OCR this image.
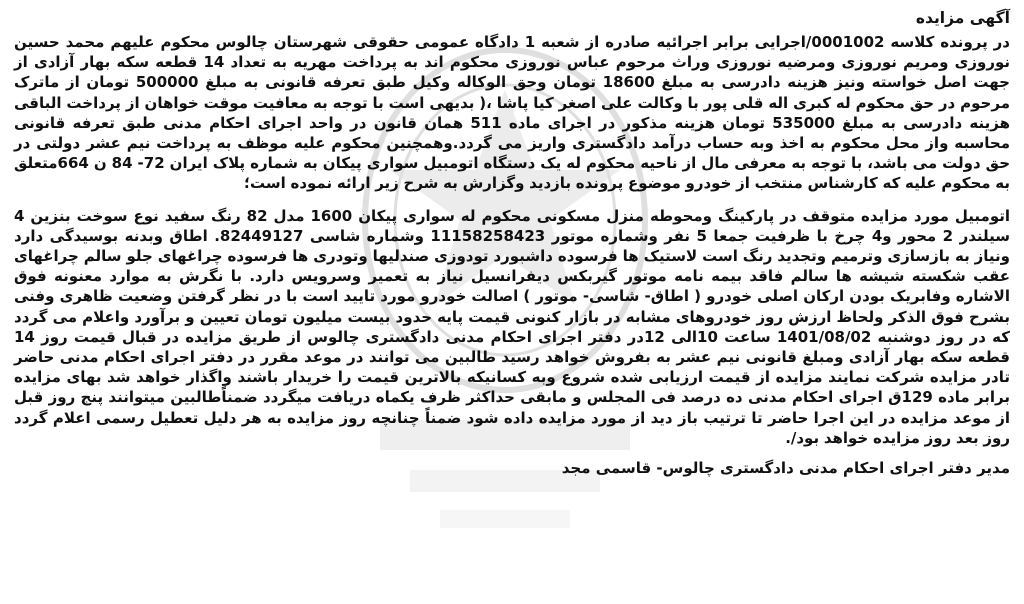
آگهی مزایده

در پرونده کلاسه 0001002/اجرایی برابر اجرائیه صادره از شعبه 1 دادگاه عمومی حقوقی شهرستان چالوس محکوم علیهم محمد حسین نوروزی ومریم نوروزی ومرضیه نوروزی وراث مرحوم عباس نوروزی محکوم اند به پرداخت مهریه به تعداد 14 قطعه سکه بهار آزادی از جهت اصل خواسته ونیز هزینه دادرسی به مبلغ 18600 تومان وحق الوکاله وکیل طبق تعرفه قانونی به مبلغ 500000 تومان از ماترک مرحوم در حق محکوم له کبری اله قلی پور با وکالت علی اصغر کیا پاشا ،( بدیهی است با توجه به معافیت موقت خواهان از پرداخت الباقی هزینه دادرسی به مبلغ 535000 تومان هزینه مذکور در اجرای ماده 511 همان قانون در واحد اجرای احکام مدنی طبق تعرفه قانونی محاسبه واز محل محکوم به اخذ وبه حساب درآمد دادگستری واریز می گردد.وهمچنین محکوم علیه موظف به پرداخت نیم عشر دولتی در حق دولت می باشد، با توجه به معرفی مال از ناحیه محکوم له یک دستگاه اتومبیل سواری پیکان به شماره پلاک ایران 72- 84 ن 664متعلق به محکوم علیه که کارشناس منتخب از خودرو موضوع پرونده بازدید وگزارش به شرح زیر ارائه نموده است؛

اتومبیل مورد مزایده متوقف در پارکینگ ومحوطه منزل مسکونی محکوم له سواری پیکان 1600 مدل 82 رنگ سفید نوع سوخت بنزین 4 سیلندر 2 محور و4 چرخ با ظرفیت جمعا 5 نفر وشماره موتور 11158258423 وشماره شاسی 82449127. اطاق وبدنه بوسیدگی دارد ونیاز به بازسازی وترمیم وتجدید رنگ است لاستیک ها فرسوده داشبورد تودوزی صندلیها وتودری ها فرسوده چراغهای جلو سالم چراغهای عقب شکسته شیشه ها سالم فاقد بیمه نامه موتور گیربکس دیفرانسیل نیاز به تعمیر وسرویس دارد. با نگرش به موارد معنونه فوق الاشاره وفابریک بودن ارکان اصلی خودرو ( اطاق- شاسی- موتور ) اصالت خودرو مورد تایید است با در نظر گرفتن وضعیت ظاهری وفنی بشرح فوق الذکر ولحاظ ارزش روز خودروهای مشابه در بازار کنونی قیمت پایه حدود بیست میلیون تومان تعیین و برآورد واعلام می گردد که در روز دوشنبه 1401/08/02 ساعت 10الی 12در دفتر اجرای احکام مدنی دادگستری چالوس از طریق مزایده در قبال قیمت روز 14 قطعه سکه بهار آزادی ومبلغ قانونی نیم عشر به بفروش خواهد رسید طالبین می توانند در موعد مقرر در دفتر اجرای احکام مدنی حاضر تادر مزایده شرکت نمایند مزایده از قیمت ارزیابی شده شروع وبه کسانیکه بالاترین قیمت را خریدار باشند واگذار خواهد شد بهای مزایده برابر ماده 129ق اجرای احکام مدنی ده درصد فی المجلس و مابقی حداکثر ظرف یکماه دریافت میگردد ضمناًطالبین میتوانند پنج روز قبل از موعد مزایده در این اجرا حاضر تا ترتیب باز دید از مورد مزایده داده شود ضمناً چنانچه روز مزایده به هر دلیل تعطیل رسمی اعلام گردد روز بعد روز مزایده خواهد بود/.

مدیر دفتر اجرای احکام مدنی دادگستری چالوس- قاسمی مجد
